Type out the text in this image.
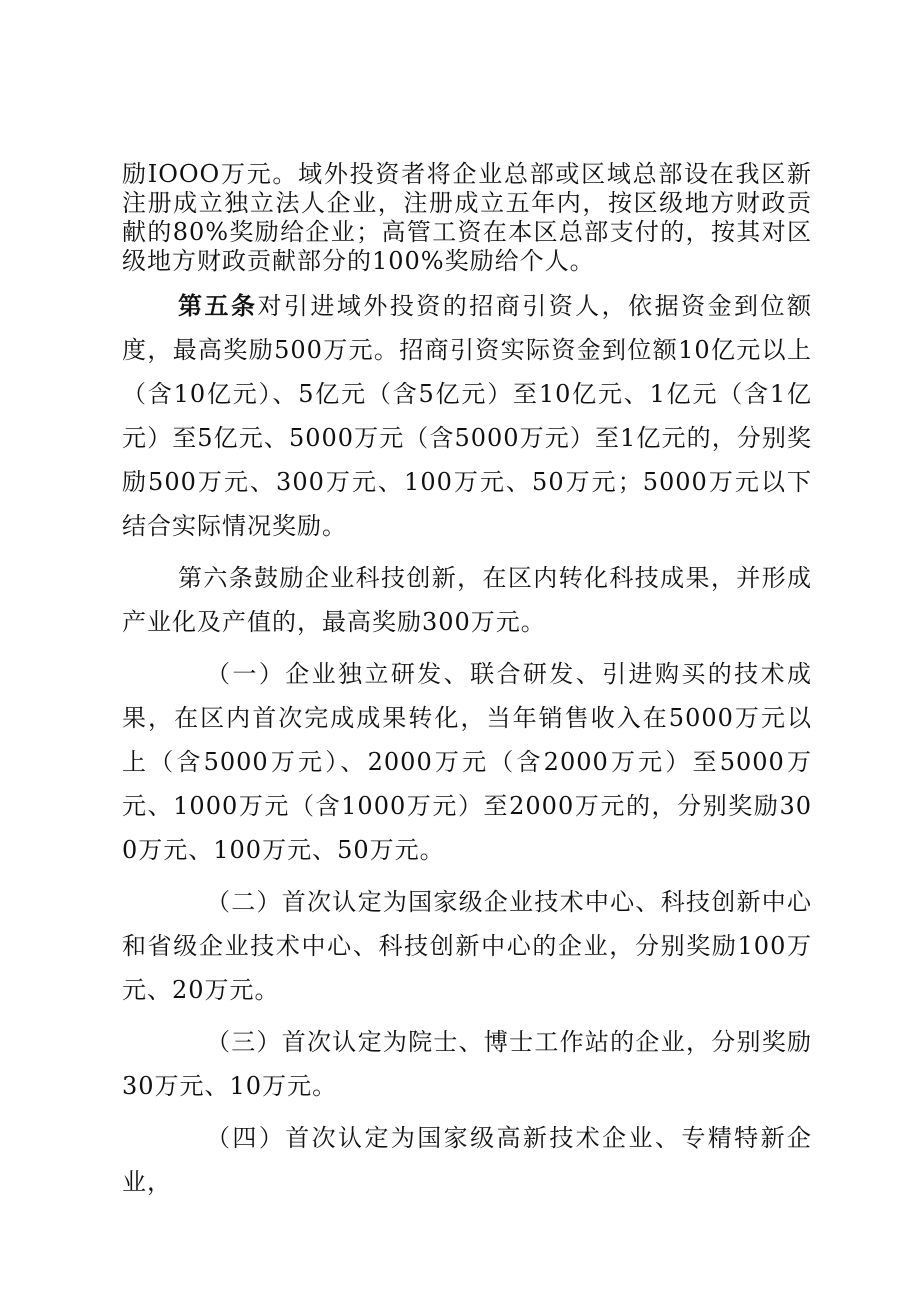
励IOOO万元。域外投资者将企业总部或区域总部设在我区新注册成立独立法人企业，注册成立五年内，按区级地方财政贡献的80%奖励给企业；高管工资在本区总部支付的，按其对区级地方财政贡献部分的100%奖励给个人。

第五条对引进域外投资的招商引资人，依据资金到位额度，最高奖励500万元。招商引资实际资金到位额10亿元以上（含10亿元）、5亿元（含5亿元）至10亿元、1亿元（含1亿元）至5亿元、5000万元（含5000万元）至1亿元的，分别奖励500万元、300万元、100万元、50万元；5000万元以下结合实际情况奖励。

第六条鼓励企业科技创新，在区内转化科技成果，并形成产业化及产值的，最高奖励300万元。

（一）企业独立研发、联合研发、引进购买的技术成果，在区内首次完成成果转化，当年销售收入在5000万元以上（含5000万元）、2000万元（含2000万元）至5000万元、1000万元（含1000万元）至2000万元的，分别奖励300万元、100万元、50万元。

（二）首次认定为国家级企业技术中心、科技创新中心和省级企业技术中心、科技创新中心的企业，分别奖励100万元、20万元。

（三）首次认定为院士、博士工作站的企业，分别奖励30万元、10万元。

（四）首次认定为国家级高新技术企业、专精特新企业，
